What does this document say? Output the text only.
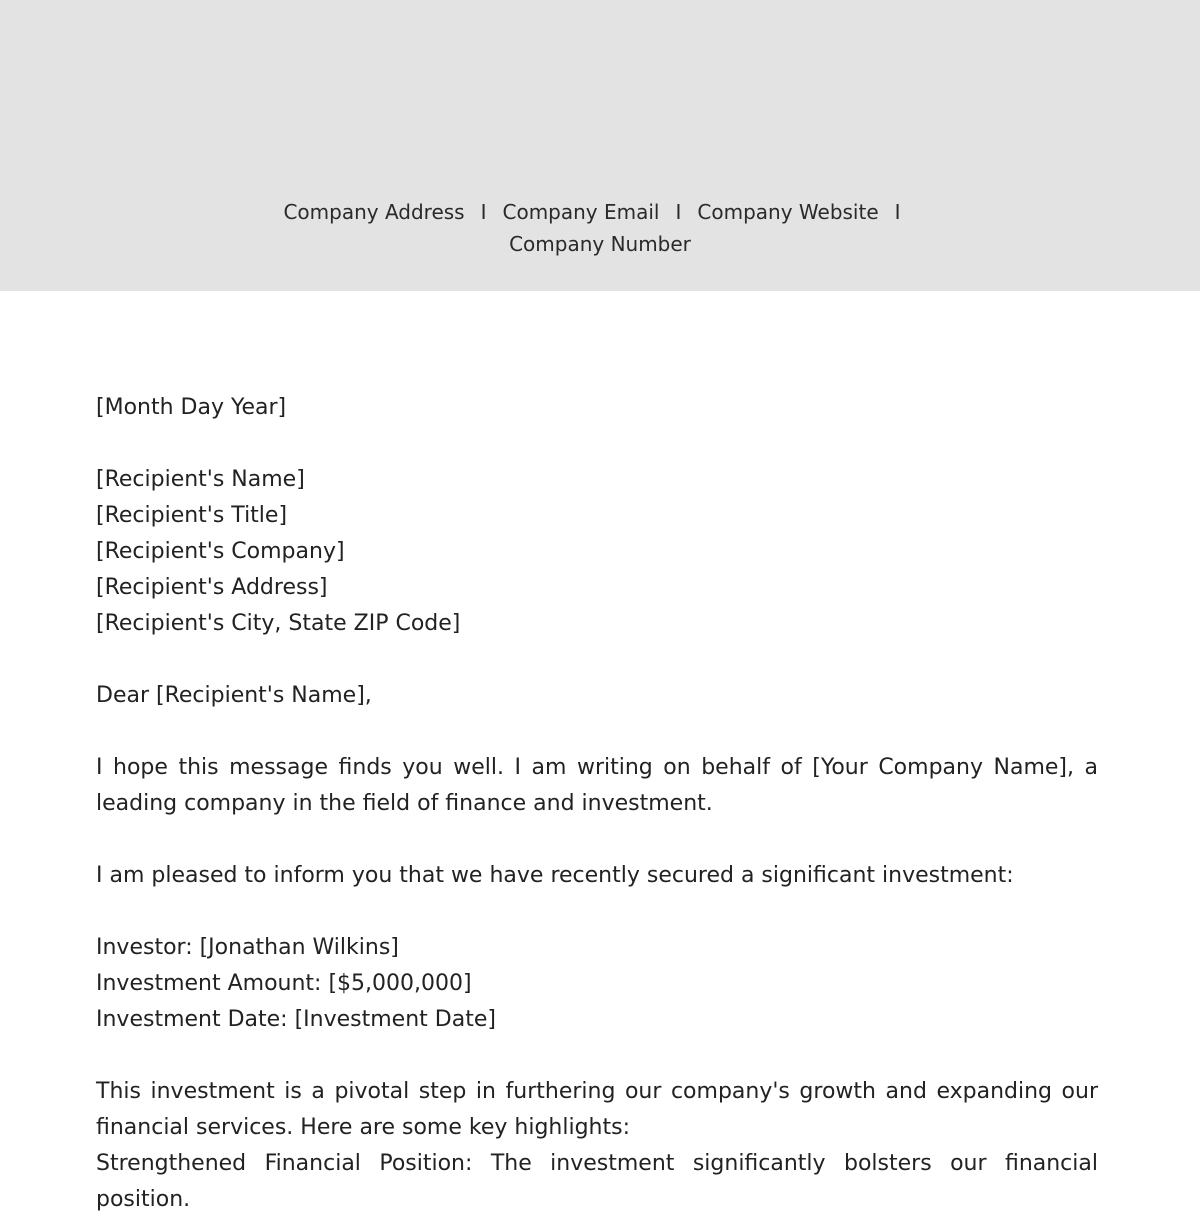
Company Address I Company Email I Company Website I
Company Number

[Month Day Year]

[Recipient's Name]

[Recipient's Title]

[Recipient's Company]

[Recipient's Address]

[Recipient's City, State ZIP Code]

Dear [Recipient's Name],

I hope this message finds you well. I am writing on behalf of [Your Company Name], a leading company in the field of finance and investment.

I am pleased to inform you that we have recently secured a significant investment:

Investor: [Jonathan Wilkins]

Investment Amount: [$5,000,000]

Investment Date: [Investment Date]

This investment is a pivotal step in furthering our company's growth and expanding our financial services. Here are some key highlights:

Strengthened Financial Position: The investment significantly bolsters our financial position.
